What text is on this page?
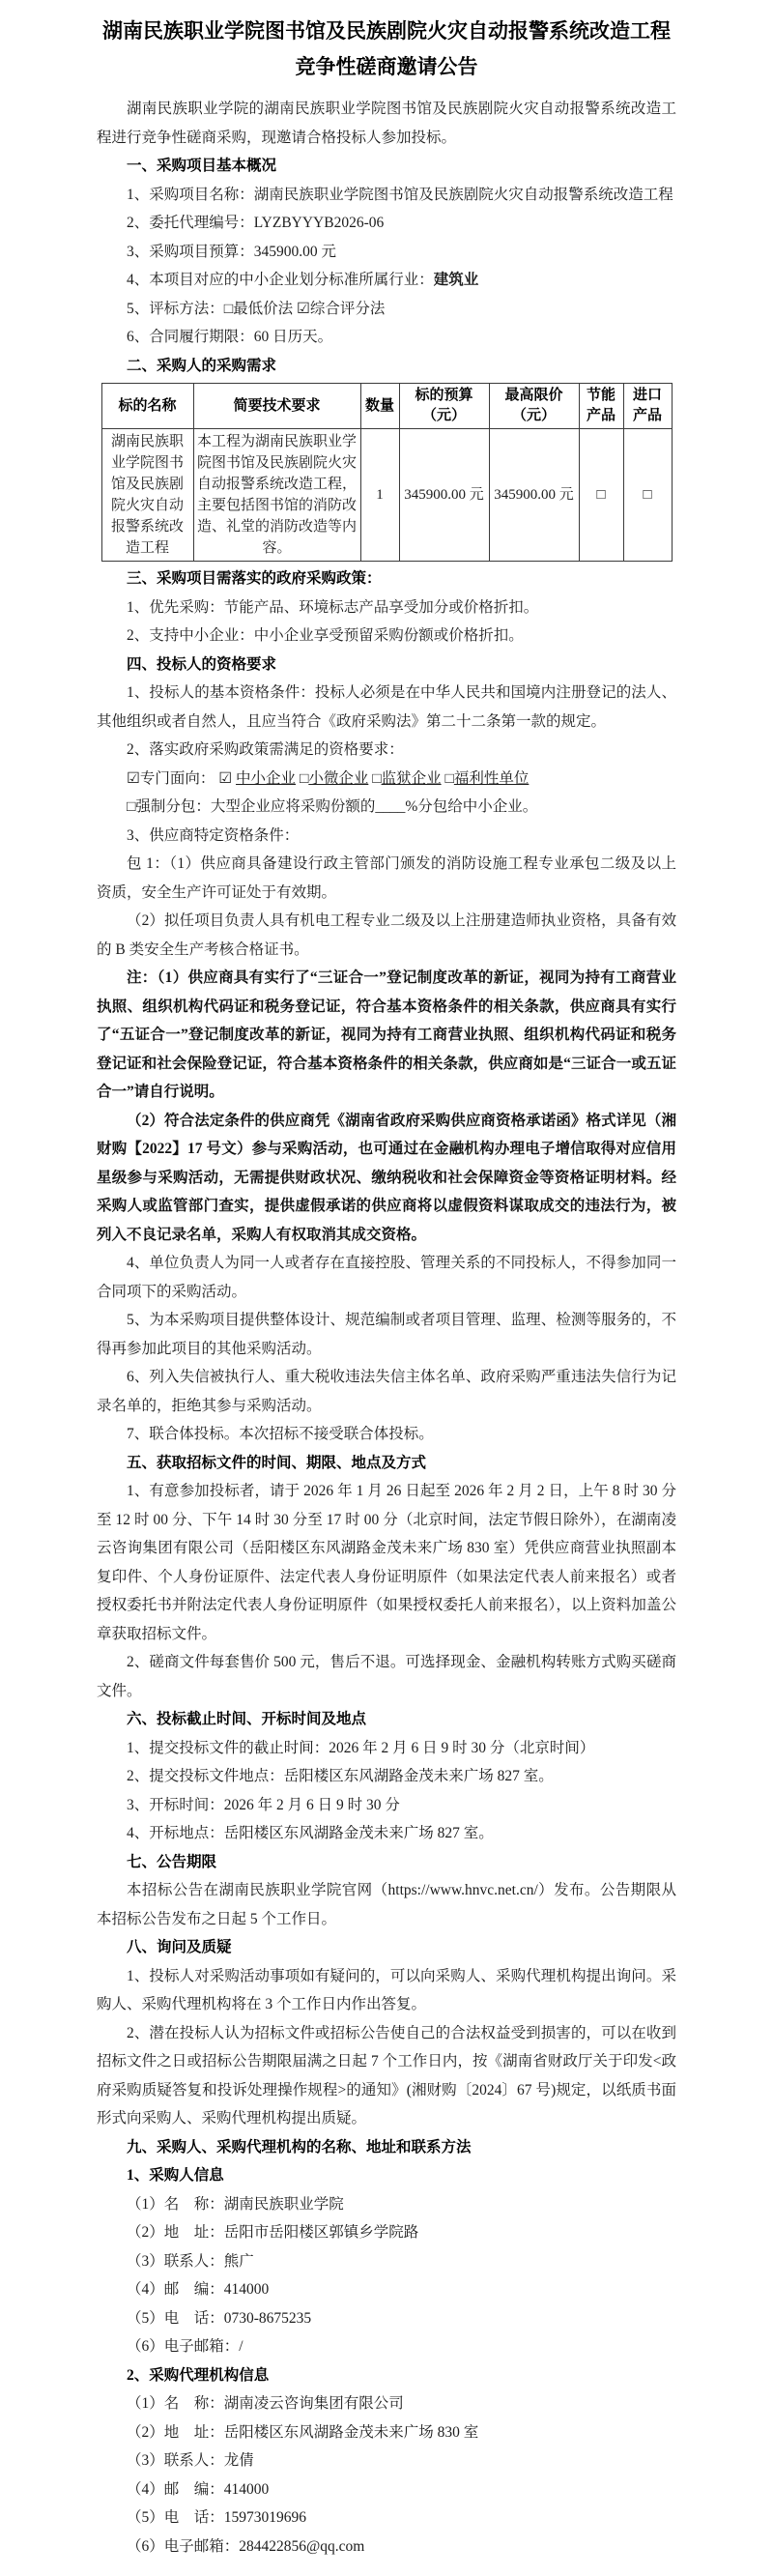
湖南民族职业学院图书馆及民族剧院火灾自动报警系统改造工程
竞争性磋商邀请公告

湖南民族职业学院的湖南民族职业学院图书馆及民族剧院火灾自动报警系统改造工程进行竞争性磋商采购，现邀请合格投标人参加投标。

一、采购项目基本概况

1、采购项目名称：湖南民族职业学院图书馆及民族剧院火灾自动报警系统改造工程

2、委托代理编号：LYZBYYYB2026-06

3、采购项目预算：345900.00 元

4、本项目对应的中小企业划分标准所属行业：建筑业

5、评标方法：□最低价法 ☑综合评分法

6、合同履行期限：60 日历天。

二、采购人的采购需求

标的名称	简要技术要求	数量	标的预算（元）	最高限价（元）	节能产品	进口产品
湖南民族职业学院图书馆及民族剧院火灾自动报警系统改造工程	本工程为湖南民族职业学院图书馆及民族剧院火灾自动报警系统改造工程，主要包括图书馆的消防改造、礼堂的消防改造等内容。	1	345900.00 元	345900.00 元	□	□

三、采购项目需落实的政府采购政策：

1、优先采购：节能产品、环境标志产品享受加分或价格折扣。

2、支持中小企业：中小企业享受预留采购份额或价格折扣。

四、投标人的资格要求

1、投标人的基本资格条件：投标人必须是在中华人民共和国境内注册登记的法人、其他组织或者自然人，且应当符合《政府采购法》第二十二条第一款的规定。

2、落实政府采购政策需满足的资格要求：

☑专门面向： ☑ 中小企业 □小微企业 □监狱企业 □福利性单位

□强制分包：大型企业应将采购份额的____%分包给中小企业。

3、供应商特定资格条件：

包 1：（1）供应商具备建设行政主管部门颁发的消防设施工程专业承包二级及以上资质，安全生产许可证处于有效期。

（2）拟任项目负责人具有机电工程专业二级及以上注册建造师执业资格，具备有效的 B 类安全生产考核合格证书。

注：（1）供应商具有实行了“三证合一”登记制度改革的新证，视同为持有工商营业执照、组织机构代码证和税务登记证，符合基本资格条件的相关条款，供应商具有实行了“五证合一”登记制度改革的新证，视同为持有工商营业执照、组织机构代码证和税务登记证和社会保险登记证，符合基本资格条件的相关条款，供应商如是“三证合一或五证合一”请自行说明。

（2）符合法定条件的供应商凭《湖南省政府采购供应商资格承诺函》格式详见（湘财购【2022】17 号文）参与采购活动，也可通过在金融机构办理电子增信取得对应信用星级参与采购活动，无需提供财政状况、缴纳税收和社会保障资金等资格证明材料。经采购人或监管部门查实，提供虚假承诺的供应商将以虚假资料谋取成交的违法行为，被列入不良记录名单，采购人有权取消其成交资格。

4、单位负责人为同一人或者存在直接控股、管理关系的不同投标人，不得参加同一合同项下的采购活动。

5、为本采购项目提供整体设计、规范编制或者项目管理、监理、检测等服务的，不得再参加此项目的其他采购活动。

6、列入失信被执行人、重大税收违法失信主体名单、政府采购严重违法失信行为记录名单的，拒绝其参与采购活动。

7、联合体投标。本次招标不接受联合体投标。

五、获取招标文件的时间、期限、地点及方式

1、有意参加投标者，请于 2026 年 1 月 26 日起至 2026 年 2 月 2 日，上午 8 时 30 分至 12 时 00 分、下午 14 时 30 分至 17 时 00 分（北京时间，法定节假日除外），在湖南凌云咨询集团有限公司（岳阳楼区东风湖路金茂未来广场 830 室）凭供应商营业执照副本复印件、个人身份证原件、法定代表人身份证明原件（如果法定代表人前来报名）或者授权委托书并附法定代表人身份证明原件（如果授权委托人前来报名），以上资料加盖公章获取招标文件。

2、磋商文件每套售价 500 元，售后不退。可选择现金、金融机构转账方式购买磋商文件。

六、投标截止时间、开标时间及地点

1、提交投标文件的截止时间：2026 年 2 月 6 日 9 时 30 分（北京时间）

2、提交投标文件地点：岳阳楼区东风湖路金茂未来广场 827 室。

3、开标时间：2026 年 2 月 6 日 9 时 30 分

4、开标地点：岳阳楼区东风湖路金茂未来广场 827 室。

七、公告期限

本招标公告在湖南民族职业学院官网（https://www.hnvc.net.cn/）发布。公告期限从本招标公告发布之日起 5 个工作日。

八、询问及质疑

1、投标人对采购活动事项如有疑问的，可以向采购人、采购代理机构提出询问。采购人、采购代理机构将在 3 个工作日内作出答复。

2、潜在投标人认为招标文件或招标公告使自己的合法权益受到损害的，可以在收到招标文件之日或招标公告期限届满之日起 7 个工作日内，按《湖南省财政厅关于印发<政府采购质疑答复和投诉处理操作规程>的通知》(湘财购〔2024〕67 号)规定，以纸质书面形式向采购人、采购代理机构提出质疑。

九、采购人、采购代理机构的名称、地址和联系方法

1、采购人信息

（1）名　称：湖南民族职业学院

（2）地　址：岳阳市岳阳楼区郭镇乡学院路

（3）联系人：熊广

（4）邮　编：414000

（5）电　话：0730-8675235

（6）电子邮箱：/

2、采购代理机构信息

（1）名　称：湖南凌云咨询集团有限公司

（2）地　址：岳阳楼区东风湖路金茂未来广场 830 室

（3）联系人：龙倩

（4）邮　编：414000

（5）电　话：15973019696

（6）电子邮箱：284422856@qq.com
